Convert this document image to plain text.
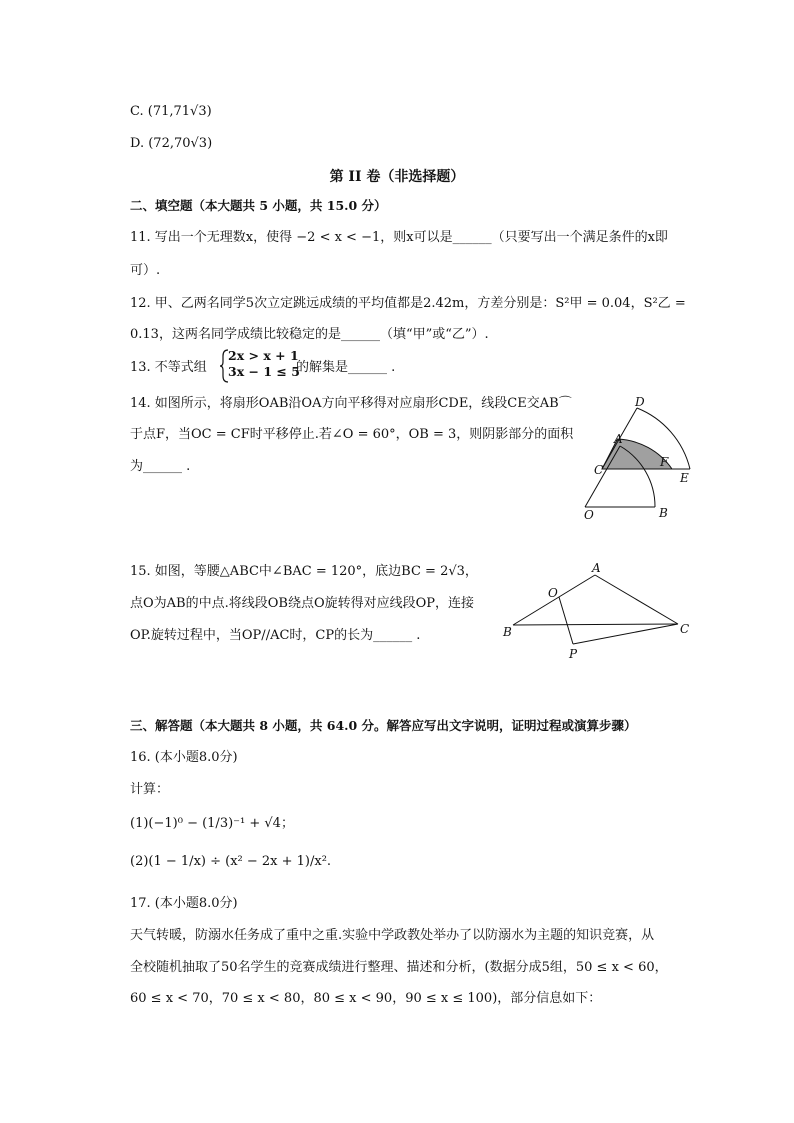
C. (71,71√3)
D. (72,70√3)
第 II 卷（非选择题）
二、填空题（本大题共 5 小题，共 15.0 分）
11. 写出一个无理数x，使得 −2 < x < −1，则x可以是______（只要写出一个满足条件的x即
可）.
12. 甲、乙两名同学5次立定跳远成绩的平均值都是2.42m，方差分别是：S²甲 = 0.04，S²乙 =
0.13，这两名同学成绩比较稳定的是______（填“甲”或“乙”）.
13. 不等式组
2x > x + 1
3x − 1 ≤ 5
的解集是______ .
14. 如图所示，将扇形OAB沿OA方向平移得对应扇形CDE，线段CE交AB⌒
于点F，当OC = CF时平移停止.若∠O = 60°，OB = 3，则阴影部分的面积
为______ .
D
A
C
F
E
O	B
15. 如图，等腰△ABC中∠BAC = 120°，底边BC = 2√3，
点O为AB的中点.将线段OB绕点O旋转得对应线段OP，连接
OP.旋转过程中，当OP//AC时，CP的长为______ .
A
O
B	C
P
三、解答题（本大题共 8 小题，共 64.0 分。解答应写出文字说明，证明过程或演算步骤）
16. (本小题8.0分)
计算：
(1)(−1)⁰ − (1/3)⁻¹ + √4；
(2)(1 − 1/x) ÷ (x² − 2x + 1)/x².
17. (本小题8.0分)
天气转暖，防溺水任务成了重中之重.实验中学政教处举办了以防溺水为主题的知识竞赛，从
全校随机抽取了50名学生的竞赛成绩进行整理、描述和分析，(数据分成5组，50 ≤ x < 60，
60 ≤ x < 70，70 ≤ x < 80，80 ≤ x < 90，90 ≤ x ≤ 100)，部分信息如下：
